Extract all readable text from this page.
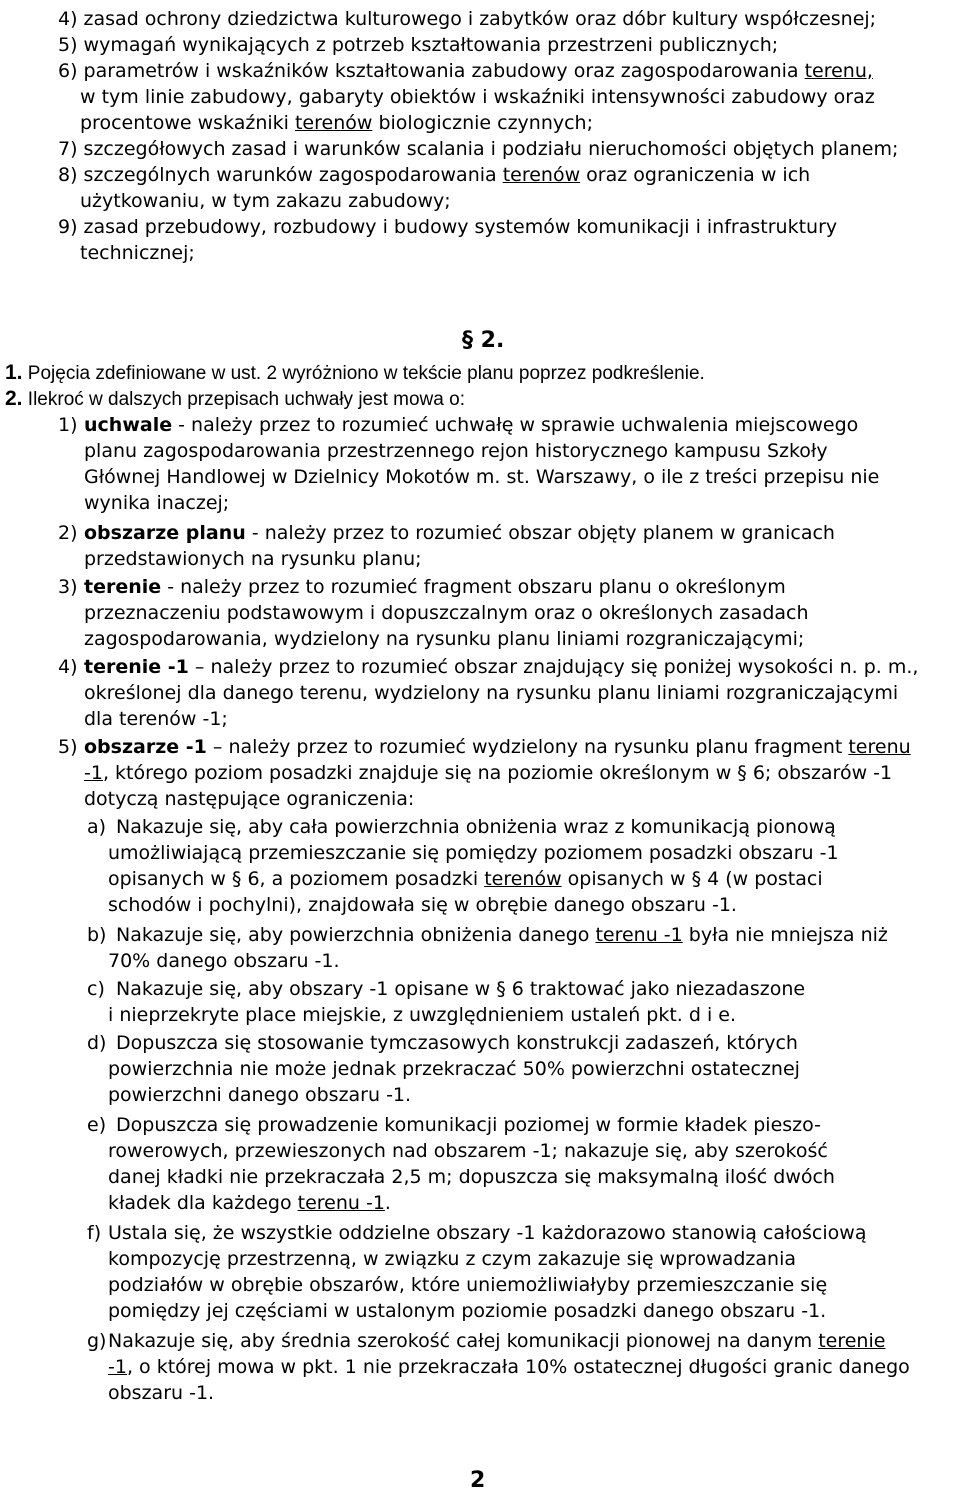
4) zasad ochrony dziedzictwa kulturowego i zabytków oraz dóbr kultury współczesnej;
5) wymagań wynikających z potrzeb kształtowania przestrzeni publicznych;
6) parametrów i wskaźników kształtowania zabudowy oraz zagospodarowania terenu,
w tym linie zabudowy, gabaryty obiektów i wskaźniki intensywności zabudowy oraz
procentowe wskaźniki terenów biologicznie czynnych;
7) szczegółowych zasad i warunków scalania i podziału nieruchomości objętych planem;
8) szczególnych warunków zagospodarowania terenów oraz ograniczenia w ich
użytkowaniu, w tym zakazu zabudowy;
9) zasad przebudowy, rozbudowy i budowy systemów komunikacji i infrastruktury
technicznej;
§ 2.
1. Pojęcia zdefiniowane w ust. 2 wyróżniono w tekście planu poprzez podkreślenie.
2. Ilekroć w dalszych przepisach uchwały jest mowa o:
1) uchwale - należy przez to rozumieć uchwałę w sprawie uchwalenia miejscowego
planu zagospodarowania przestrzennego rejon historycznego kampusu Szkoły
Głównej Handlowej w Dzielnicy Mokotów m. st. Warszawy, o ile z treści przepisu nie
wynika inaczej;
2) obszarze planu - należy przez to rozumieć obszar objęty planem w granicach
przedstawionych na rysunku planu;
3) terenie - należy przez to rozumieć fragment obszaru planu o określonym
przeznaczeniu podstawowym i dopuszczalnym oraz o określonych zasadach
zagospodarowania, wydzielony na rysunku planu liniami rozgraniczającymi;
4) terenie -1 – należy przez to rozumieć obszar znajdujący się poniżej wysokości n. p. m.,
określonej dla danego terenu, wydzielony na rysunku planu liniami rozgraniczającymi
dla terenów -1;
5) obszarze -1 – należy przez to rozumieć wydzielony na rysunku planu fragment terenu
-1, którego poziom posadzki znajduje się na poziomie określonym w § 6; obszarów -1
dotyczą następujące ograniczenia:
a) Nakazuje się, aby cała powierzchnia obniżenia wraz z komunikacją pionową
umożliwiającą przemieszczanie się pomiędzy poziomem posadzki obszaru -1
opisanych w § 6, a poziomem posadzki terenów opisanych w § 4 (w postaci
schodów i pochylni), znajdowała się w obrębie danego obszaru -1.
b) Nakazuje się, aby powierzchnia obniżenia danego terenu -1 była nie mniejsza niż
70% danego obszaru -1.
c) Nakazuje się, aby obszary -1 opisane w § 6 traktować jako niezadaszone
i nieprzekryte place miejskie, z uwzględnieniem ustaleń pkt. d i e.
d) Dopuszcza się stosowanie tymczasowych konstrukcji zadaszeń, których
powierzchnia nie może jednak przekraczać 50% powierzchni ostatecznej
powierzchni danego obszaru -1.
e) Dopuszcza się prowadzenie komunikacji poziomej w formie kładek pieszo-
rowerowych, przewieszonych nad obszarem -1; nakazuje się, aby szerokość
danej kładki nie przekraczała 2,5 m; dopuszcza się maksymalną ilość dwóch
kładek dla każdego terenu -1.
f) Ustala się, że wszystkie oddzielne obszary -1 każdorazowo stanowią całościową
kompozycję przestrzenną, w związku z czym zakazuje się wprowadzania
podziałów w obrębie obszarów, które uniemożliwiałyby przemieszczanie się
pomiędzy jej częściami w ustalonym poziomie posadzki danego obszaru -1.
g) Nakazuje się, aby średnia szerokość całej komunikacji pionowej na danym terenie
-1, o której mowa w pkt. 1 nie przekraczała 10% ostatecznej długości granic danego
obszaru -1.
2
